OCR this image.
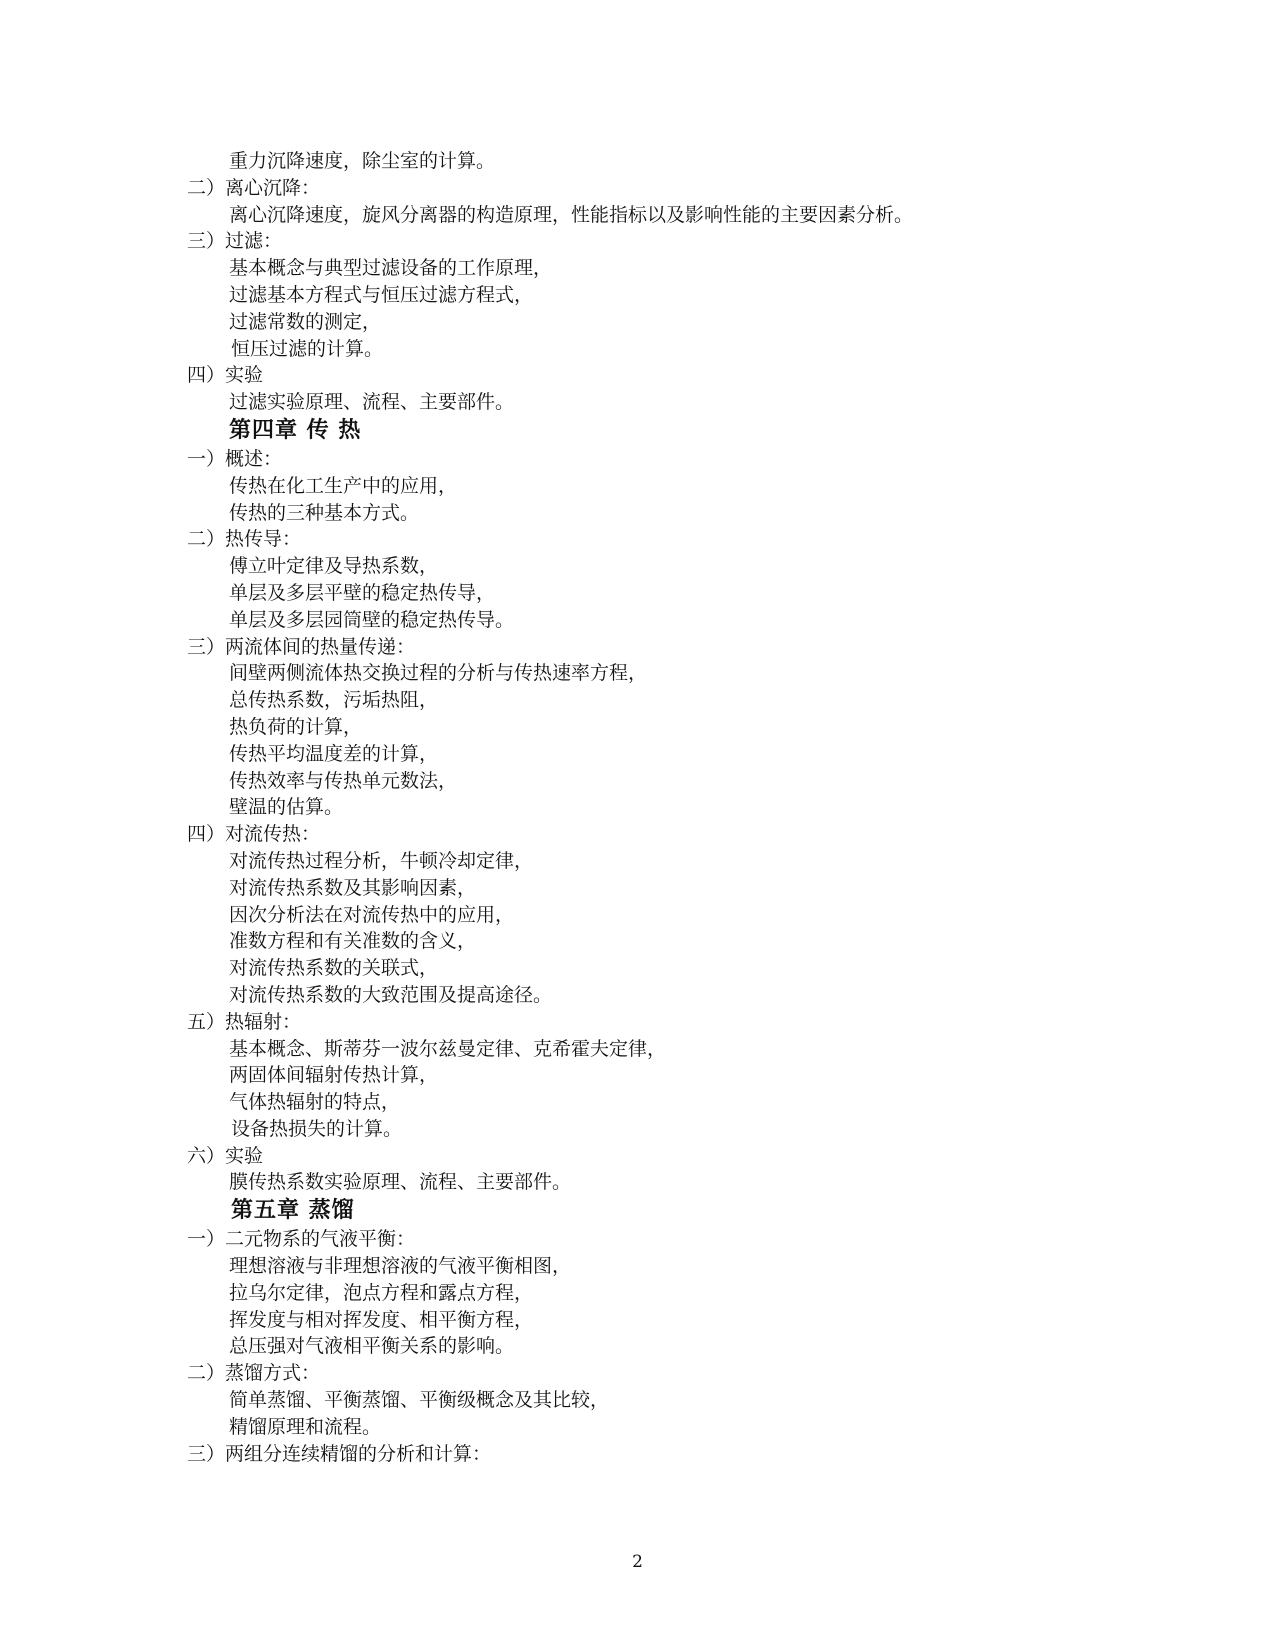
重力沉降速度，除尘室的计算。
二）离心沉降：
离心沉降速度，旋风分离器的构造原理，性能指标以及影响性能的主要因素分析。
三）过滤：
基本概念与典型过滤设备的工作原理，
过滤基本方程式与恒压过滤方程式，
过滤常数的测定，
恒压过滤的计算。
四）实验
过滤实验原理、流程、主要部件。
第四章 传 热
一）概述：
传热在化工生产中的应用，
传热的三种基本方式。
二）热传导：
傅立叶定律及导热系数，
单层及多层平壁的稳定热传导，
单层及多层园筒壁的稳定热传导。
三）两流体间的热量传递：
间壁两侧流体热交换过程的分析与传热速率方程，
总传热系数，污垢热阻，
热负荷的计算，
传热平均温度差的计算，
传热效率与传热单元数法，
壁温的估算。
四）对流传热：
对流传热过程分析，牛顿冷却定律，
对流传热系数及其影响因素，
因次分析法在对流传热中的应用，
准数方程和有关准数的含义，
对流传热系数的关联式，
对流传热系数的大致范围及提高途径。
五）热辐射：
基本概念、斯蒂芬一波尔兹曼定律、克希霍夫定律，
两固体间辐射传热计算，
气体热辐射的特点，
设备热损失的计算。
六）实验
膜传热系数实验原理、流程、主要部件。
第五章 蒸馏
一）二元物系的气液平衡：
理想溶液与非理想溶液的气液平衡相图，
拉乌尔定律，泡点方程和露点方程，
挥发度与相对挥发度、相平衡方程，
总压强对气液相平衡关系的影响。
二）蒸馏方式：
简单蒸馏、平衡蒸馏、平衡级概念及其比较，
精馏原理和流程。
三）两组分连续精馏的分析和计算：
2
